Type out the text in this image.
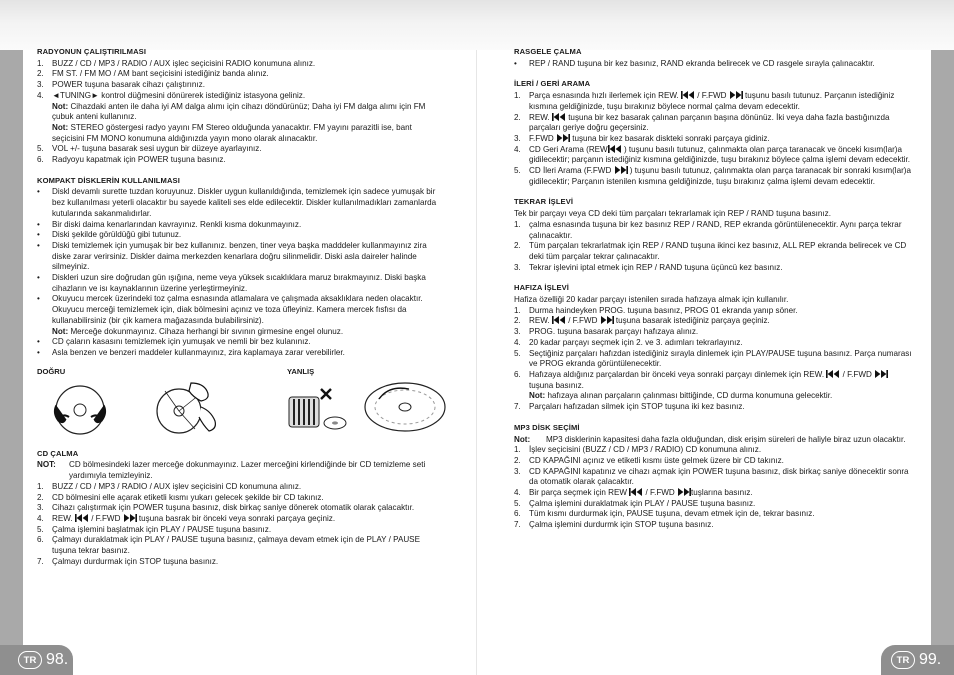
RADYONUN ÇALIŞTIRILMASI
1. BUZZ / CD / MP3 / RADIO / AUX işlec seçicisini RADIO konumuna alınız.
2. FM ST. / FM MO / AM bant seçicisini istediğiniz banda alınız.
3. POWER tuşuna basarak cihazı çalıştırınız.
4. ◄TUNING► kontrol düğmesini dönürerek istediğiniz istasyona geliniz.
Not: Cihazdaki anten ile daha iyi AM dalga alımı için cihazı döndürünüz; Daha iyi FM dalga alımı için FM çubuk anteni kullanınız.
Not: STEREO göstergesi radyo yayını FM Stereo olduğunda yanacaktır. FM yayını parazitli ise, bant seçicisini FM MONO konumuna aldığınızda yayın mono olarak alınacaktır.
5. VOL +/- tuşuna basarak sesi uygun bir düzeye ayarlayınız.
6. Radyoyu kapatmak için POWER tuşuna basınız.
KOMPAKT DİSKLERİN KULLANILMASI
• Diskl devamlı surette tuzdan koruyunuz. Diskler uygun kullanıldığında, temizlemek için sadece yumuşak bir bez kullanılması yeterli olacaktır bu sayede kaliteli ses elde edilecektir. Diskler kullanılmadıkları zamanlarda kutularında sakanmalıdırlar.
• Bir diski daima kenarlarından kavrayınız. Renkli kısma dokunmayınız.
• Diski şekilde görüldüğü gibi tutunuz.
• Diski temizlemek için yumuşak bir bez kullanınız. benzen, tiner veya başka madddeler kullanmayınız zira diske zarar verirsiniz. Diskler daima merkezden kenarlara doğru silinmelidir. Diski asla daireler halinde silmeyiniz.
• Diskleri uzun sire doğrudan gün ışığına, neme veya yüksek sıcaklıklara maruz bırakmayınız. Diski başka cihazların ve isı kaynaklarının üzerine yerleştirmeyiniz.
• Okuyucu mercek üzerindeki toz çalma esnasında atlamalara ve çalışmada aksaklıklara neden olacaktır. Okuyucu merceği temizlemek için, diak bölmesini açınız ve toza üfleyiniz. Kamera mercek fısfısı da kullanabilirsiniz (bir çik kamera mağazasında bulabilirsiniz).
Not: Merceğe dokunmayınız. Cihaza herhangi bir sıvının girmesine engel olunuz.
• CD çaların kasasını temizlemek için yumuşak ve nemli bir bez kulanınız.
• Asla benzen ve benzeri maddeler kullanmayınız, zira kaplamaya zarar verebilirler.
DOĞRU	YANLIŞ
CD ÇALMA
NOT: CD bölmesindeki lazer merceğe dokunmayınız. Lazer merceğini kirlendiğinde bir CD temizleme seti yardımıyla temizleyiniz.
1. BUZZ / CD / MP3 / RADIO / AUX işlev seçicisini CD konumuna alınız.
2. CD bölmesini elle açarak etiketli kısmı yukarı gelecek şekilde bir CD takınız.
3. Cihazı çalıştırmak için POWER tuşuna basınız, disk birkaç saniye dönerek otomatik olarak çalacaktır.
4. REW. / F.FWD tuşuna basrak bir önceki veya sonraki parçaya geçiniz.
5. Çalma işlemini başlatmak için PLAY / PAUSE tuşuna basınız.
6. Çalmayı duraklatmak için PLAY / PAUSE tuşuna basınız, çalmaya devam etmek için de PLAY / PAUSE tuşuna tekrar basınız.
7. Çalmayı durdurmak için STOP tuşuna basınız.
RASGELE ÇALMA
• REP / RAND tuşuna bir kez basınız, RAND ekranda belirecek ve CD rasgele sırayla çalınacaktır.
İLERİ / GERİ ARAMA
1. Parça esnasında hızlı ilerlemek için REW. / F.FWD tuşunu basılı tutunuz. Parçanın istediğiniz kısmına geldiğinizde, tuşu bırakınız böylece normal çalma devam edecektir.
2. REW. tuşuna bir kez basarak çalınan parçanın başına dönünüz. İki veya daha fazla bastığınızda parçaları geriye doğru geçersiniz.
3. F.FWD tuşuna bir kez basarak diskteki sonraki parçaya gidiniz.
4. CD Geri Arama (REW ) tuşunu basılı tutunuz, çalınmakta olan parça taranacak ve önceki kısım(lar)a gidilecektir; parçanın istediğiniz kısmına geldiğinizde, tuşu bırakınız böylece çalma işlemi devam edecektir.
5. CD İleri Arama (F.FWD ) tuşunu basılı tutunuz, çalınmakta olan parça taranacak bir sonraki kısım(lar)a gidilecektir; Parçanın istenilen kısmına geldiğinizde, tuşu bırakınız çalma işlemi devam edecektir.
TEKRAR İŞLEVİ
Tek bir parçayı veya CD deki tüm parçaları tekrarlamak için REP / RAND tuşuna basınız.
1. çalma esnasında tuşuna bir kez basınız REP / RAND, REP ekranda görüntülenecektir. Aynı parça tekrar çalınacaktır.
2. Tüm parçaları tekrarlatmak için REP / RAND tuşuna ikinci kez basınız, ALL REP ekranda belirecek ve CD deki tüm parçalar tekrar çalınacaktır.
3. Tekrar işlevini iptal etmek için REP / RAND tuşuna üçüncü kez basınız.
HAFIZA İŞLEVİ
Hafiza özelliği 20 kadar parçayı istenilen sırada hafızaya almak için kullanılır.
1. Durma haindeyken PROG. tuşuna basınız, PROG 01 ekranda yanıp söner.
2. REW. / F.FWD tuşuna basarak istediğiniz parçaya geçiniz.
3. PROG. tuşuna basarak parçayı hafızaya alınız.
4. 20 kadar parçayı seçmek için 2. ve 3. adımları tekrarlayınız.
5. Seçtiğiniz parçaları hafızdan istediğiniz sırayla dinlemek için PLAY/PAUSE tuşuna basınız. Parça numarası ve PROG ekranda görüntülenecektir.
6. Hafızaya aldığınız parçalardan bir önceki veya sonraki parçayı dinlemek için REW. / F.FWD  tuşuna basınız.
Not: hafızaya alınan parçaların çalınması bittiğinde, CD durma konumuna gelecektir.
7. Parçaları hafızadan silmek için STOP tuşuna iki kez basınız.
MP3 DİSK SEÇİMİ
Not: MP3 disklerinin kapasitesi daha fazla olduğundan, disk erişim süreleri de haliyle biraz uzun olacaktır.
1. İşlev seçicisini (BUZZ / CD / MP3 / RADIO) CD konumuna alınız.
2. CD KAPAĞINI açınız ve etiketli kısmı üste gelmek üzere bir CD takınız.
3. CD KAPAĞINI kapatınız ve cihazı açmak için POWER tuşuna basınız, disk birkaç saniye dönecektir sonra da otomatik olarak çalacaktır.
4. Bir parça seçmek için REW / F.FWD tuşlarına basınız.
5. Çalma işlemini duraklatmak için PLAY / PAUSE tuşuna basınız.
6. Tüm kısmı durdurmak için, PAUSE tuşuna, devam etmek için de, tekrar basınız.
7. Çalma işlemini durdurmk için STOP tuşuna basınız.
TR 98.	TR 99.
